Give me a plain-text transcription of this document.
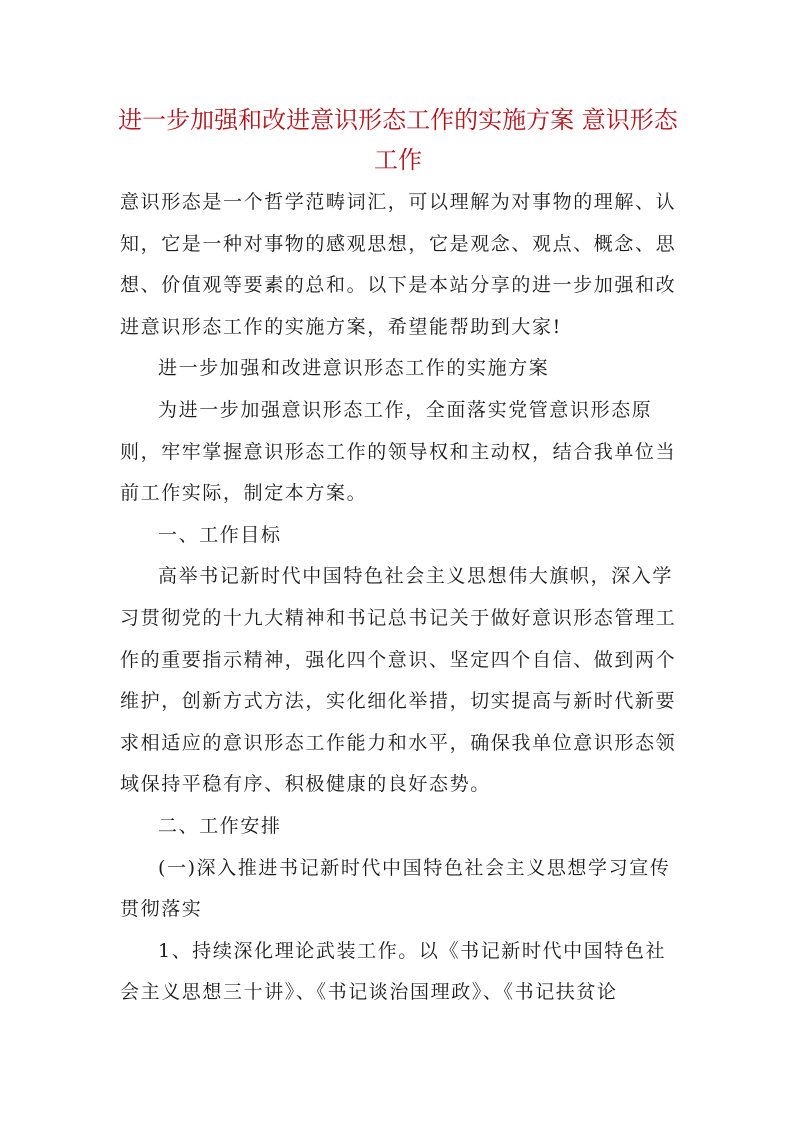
进一步加强和改进意识形态工作的实施方案 意识形态工作

意识形态是一个哲学范畴词汇，可以理解为对事物的理解、认知，它是一种对事物的感观思想，它是观念、观点、概念、思想、价值观等要素的总和。以下是本站分享的进一步加强和改进意识形态工作的实施方案，希望能帮助到大家!

进一步加强和改进意识形态工作的实施方案

为进一步加强意识形态工作，全面落实党管意识形态原则，牢牢掌握意识形态工作的领导权和主动权，结合我单位当前工作实际，制定本方案。

一、工作目标

高举书记新时代中国特色社会主义思想伟大旗帜，深入学习贯彻党的十九大精神和书记总书记关于做好意识形态管理工作的重要指示精神，强化四个意识、坚定四个自信、做到两个维护，创新方式方法，实化细化举措，切实提高与新时代新要求相适应的意识形态工作能力和水平，确保我单位意识形态领域保持平稳有序、积极健康的良好态势。

二、工作安排

(一)深入推进书记新时代中国特色社会主义思想学习宣传贯彻落实

1、持续深化理论武装工作。以《书记新时代中国特色社会主义思想三十讲》、《书记谈治国理政》、《书记扶贫论
